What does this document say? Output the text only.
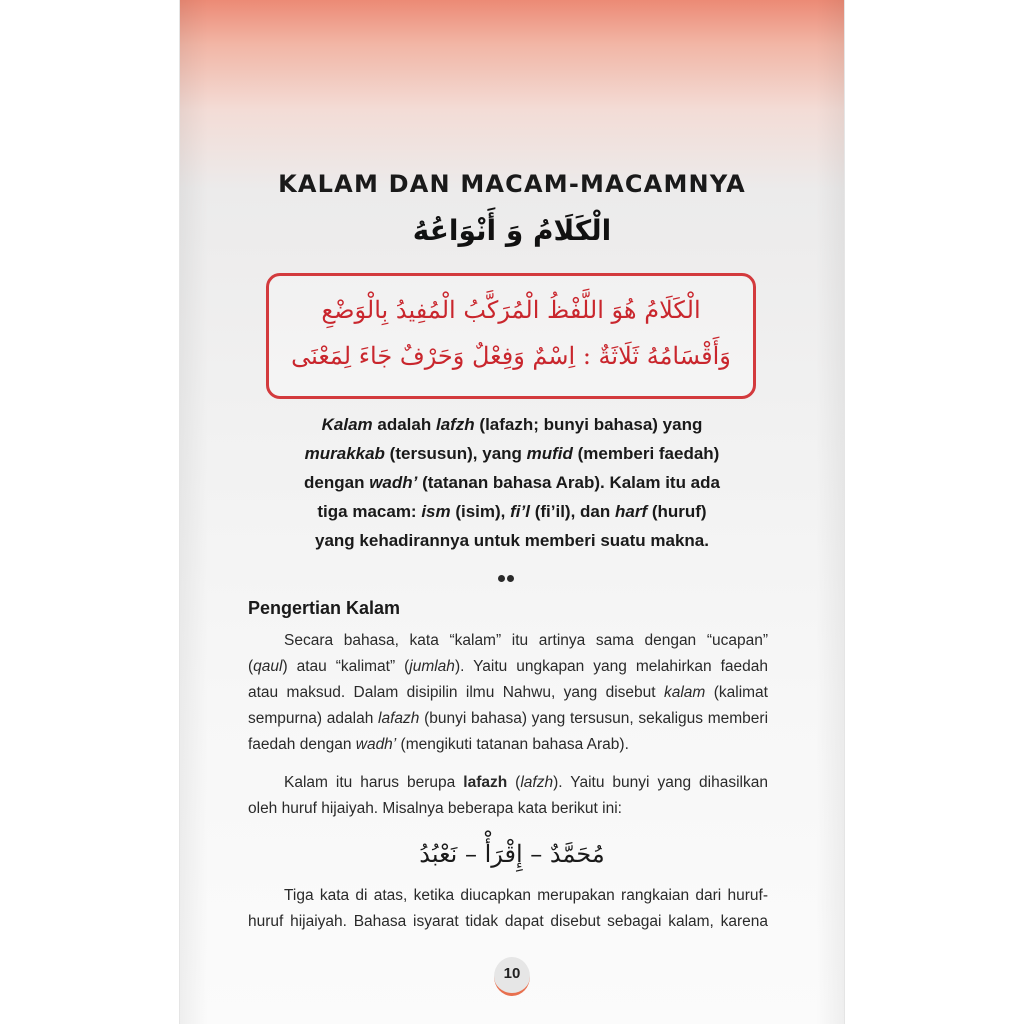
KALAM DAN MACAM-MACAMNYA
الْكَلَامُ وَ أَنْوَاعُهُ
الْكَلَامُ هُوَ اللَّفْظُ الْمُرَكَّبُ الْمُفِيدُ بِالْوَضْعِ
وَأَقْسَامُهُ ثَلَاثَةٌ : اِسْمٌ وَفِعْلٌ وَحَرْفٌ جَاءَ لِمَعْنَى

Kalam adalah lafzh (lafazh; bunyi bahasa) yang

murakkab (tersusun), yang mufid (memberi faedah)

dengan wadh’ (tatanan bahasa Arab). Kalam itu ada

tiga macam: ism (isim), fi’l (fi’il), dan harf (huruf)

yang kehadirannya untuk memberi suatu makna.

Pengertian Kalam
Secara bahasa, kata “kalam” itu artinya sama dengan “ucapan”
(qaul) atau “kalimat” (jumlah). Yaitu ungkapan yang melahirkan faedah
atau maksud. Dalam disipilin ilmu Nahwu, yang disebut kalam (kalimat
sempurna) adalah lafazh (bunyi bahasa) yang tersusun, sekaligus memberi
faedah dengan wadh’ (mengikuti tatanan bahasa Arab).
Kalam itu harus berupa lafazh (lafzh). Yaitu bunyi yang dihasilkan
oleh huruf hijaiyah. Misalnya beberapa kata berikut ini:
مُحَمَّدٌ – إِقْرَأْ – نَعْبُدُ
Tiga kata di atas, ketika diucapkan merupakan rangkaian dari huruf-
huruf hijaiyah. Bahasa isyarat tidak dapat disebut sebagai kalam, karena
10
